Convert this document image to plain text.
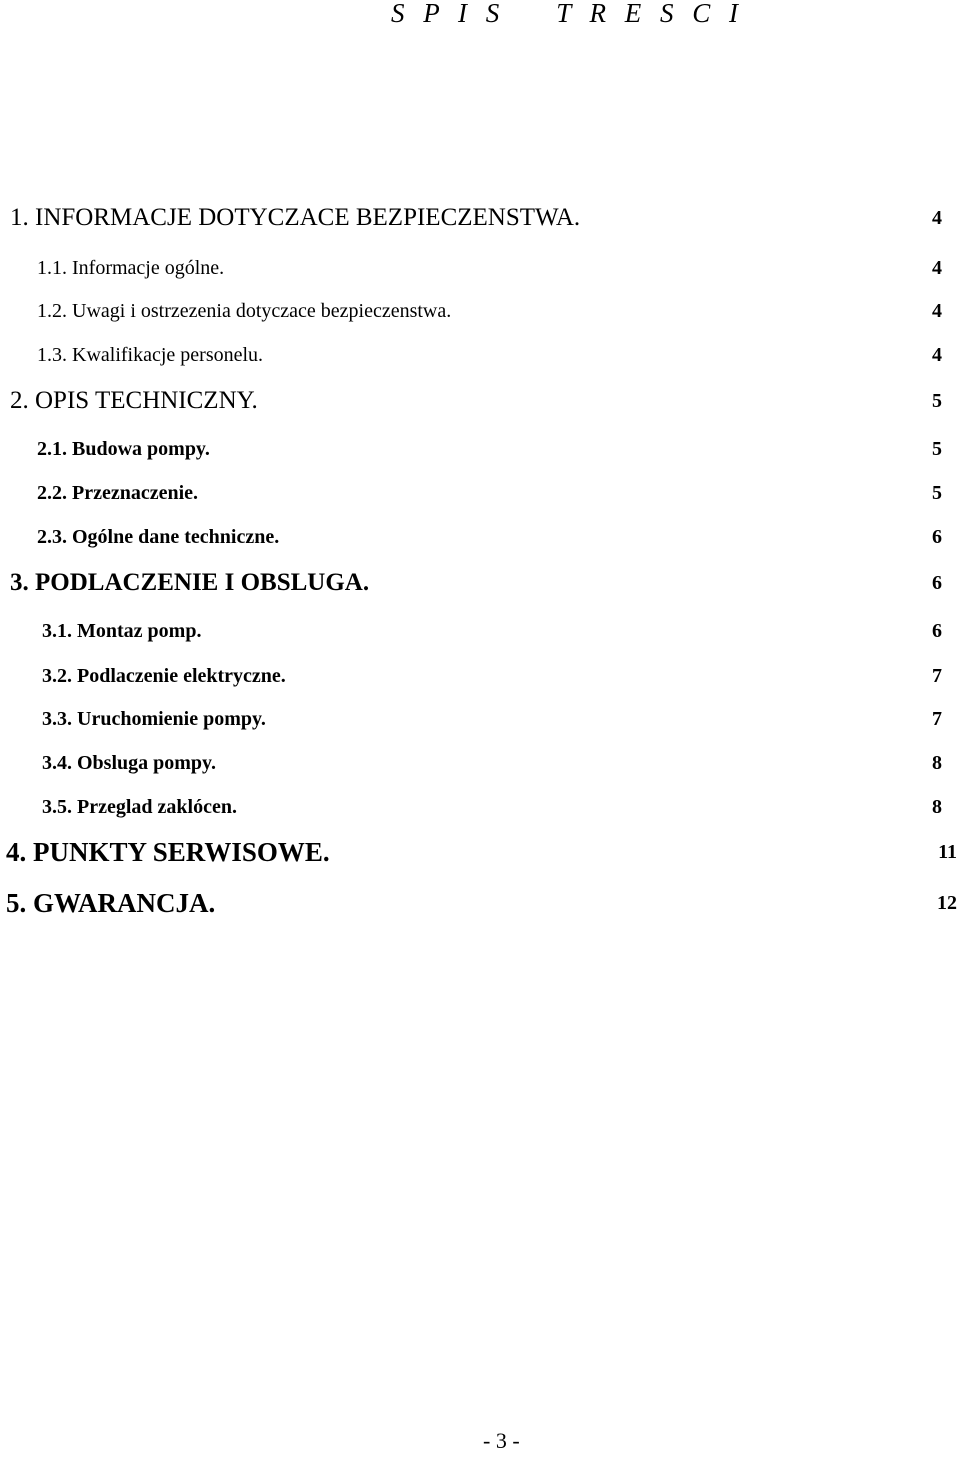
S P I S    T R E S C I
1. INFORMACJE DOTYCZACE BEZPIECZENSTWA.	4
1.1. Informacje ogólne.	4
1.2. Uwagi i ostrzezenia dotyczace bezpieczenstwa.	4
1.3. Kwalifikacje personelu.	4
2. OPIS TECHNICZNY.	5
2.1. Budowa pompy.	5
2.2. Przeznaczenie.	5
2.3. Ogólne dane techniczne.	6
3. PODLACZENIE I OBSLUGA.	6
3.1. Montaz pomp.	6
3.2. Podlaczenie elektryczne.	7
3.3. Uruchomienie pompy.	7
3.4. Obsluga pompy.	8
3.5. Przeglad zaklócen.	8
4. PUNKTY SERWISOWE.	11
5. GWARANCJA.	12
- 3 -
